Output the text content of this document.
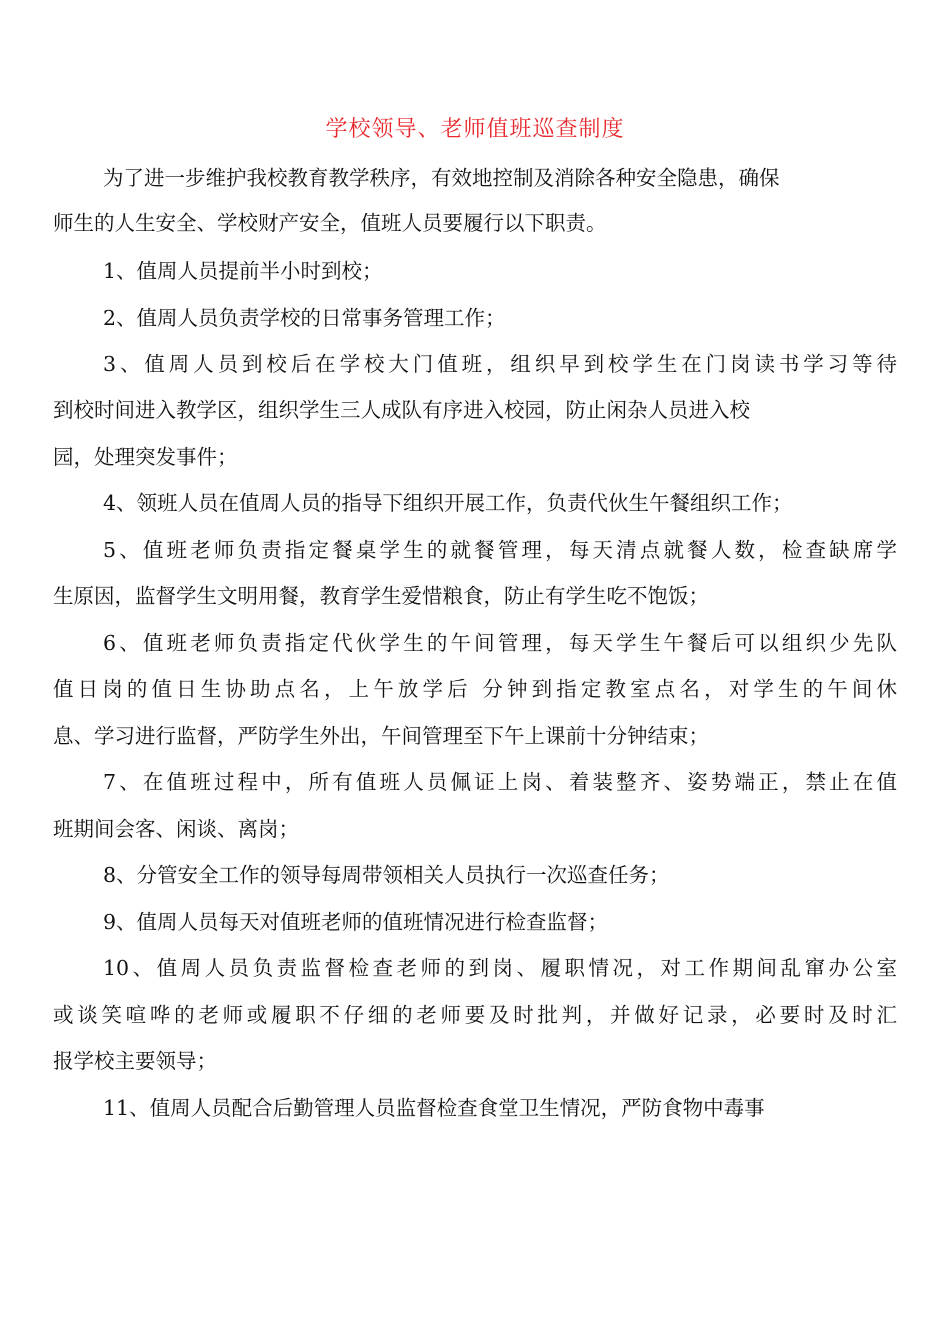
学校领导、老师值班巡查制度
为了进一步维护我校教育教学秩序，有效地控制及消除各种安全隐患，确保
师生的人生安全、学校财产安全，值班人员要履行以下职责。
1、值周人员提前半小时到校；
2、值周人员负责学校的日常事务管理工作；
3、值周人员到校后在学校大门值班，组织早到校学生在门岗读书学习等待
到校时间进入教学区，组织学生三人成队有序进入校园，防止闲杂人员进入校
园，处理突发事件；
4、领班人员在值周人员的指导下组织开展工作，负责代伙生午餐组织工作；
5、值班老师负责指定餐桌学生的就餐管理，每天清点就餐人数，检查缺席学
生原因，监督学生文明用餐，教育学生爱惜粮食，防止有学生吃不饱饭；
6、值班老师负责指定代伙学生的午间管理，每天学生午餐后可以组织少先队
值日岗的值日生协助点名，上午放学后 分钟到指定教室点名，对学生的午间休
息、学习进行监督，严防学生外出，午间管理至下午上课前十分钟结束；
7、在值班过程中，所有值班人员佩证上岗、着装整齐、姿势端正，禁止在值
班期间会客、闲谈、离岗；
8、分管安全工作的领导每周带领相关人员执行一次巡查任务；
9、值周人员每天对值班老师的值班情况进行检查监督；
10、值周人员负责监督检查老师的到岗、履职情况，对工作期间乱窜办公室
或谈笑喧哗的老师或履职不仔细的老师要及时批判，并做好记录，必要时及时汇
报学校主要领导；
11、值周人员配合后勤管理人员监督检查食堂卫生情况，严防食物中毒事
